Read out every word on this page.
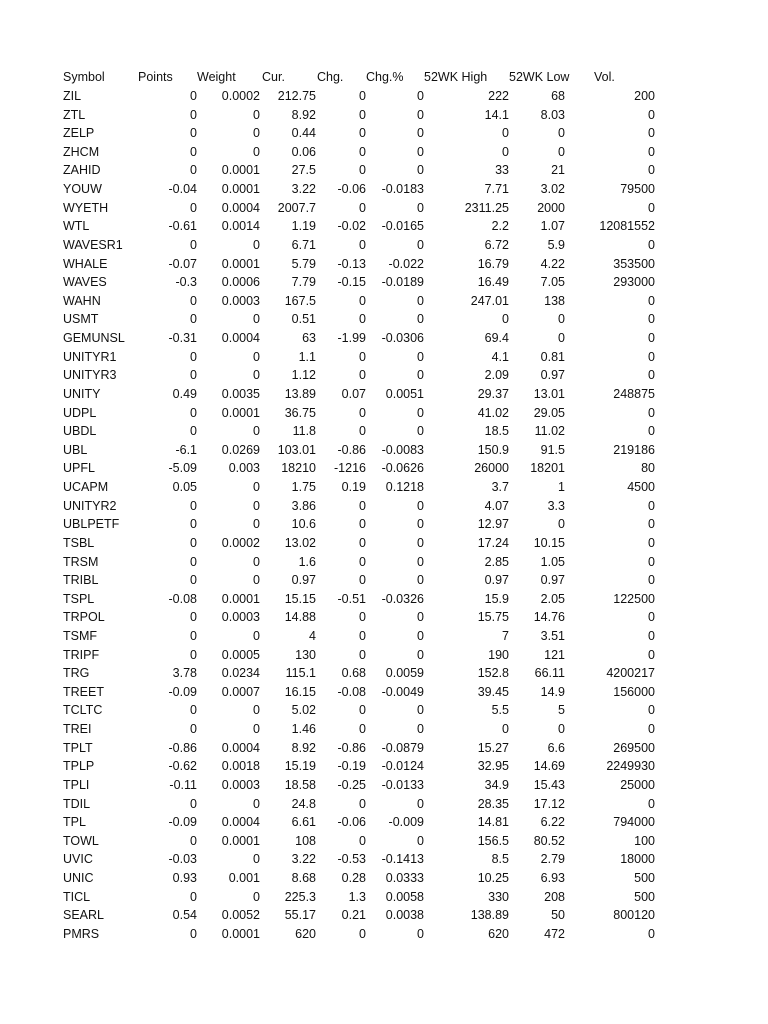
Symbol	Points Weight Cur.	Chg. Chg.% 52WK High 52WK Low Vol.
ZIL	0 0.0002 212.75	0	0	222	68	200
ZTL	0	0	8.92	0	0	14.1	8.03	0
ZELP	0	0	0.44	0	0	0	0	0
ZHCM	0	0	0.06	0	0	0	0	0
ZAHID	0 0.0001	27.5	0	0	33	21	0
YOUW	-0.04 0.0001	3.22 -0.06 -0.0183	7.71	3.02	79500
WYETH	0 0.0004 2007.7	0	0	2311.25 2000	0
WTL	-0.61 0.0014	1.19 -0.02 -0.0165	2.2	1.07	12081552
WAVESR1	0	0	6.71	0	0	6.72	5.9	0
WHALE	-0.07 0.0001	5.79 -0.13 -0.022	16.79	4.22	353500
WAVES	-0.3 0.0006	7.79 -0.15 -0.0189	16.49	7.05	293000
WAHN	0 0.0003 167.5	0	0	247.01	138	0
USMT	0	0	0.51	0	0	0	0	0
GEMUNSL	-0.31 0.0004	63 -1.99 -0.0306	69.4	0	0
UNITYR1	0	0	1.1	0	0	4.1	0.81	0
UNITYR3	0	0	1.12	0	0	2.09	0.97	0
UNITY	0.49 0.0035 13.89 0.07 0.0051	29.37 13.01	248875
UDPL	0 0.0001 36.75	0	0	41.02 29.05	0
UBDL	0	0	11.8	0	0	18.5 11.02	0
UBL	-6.1 0.0269 103.01 -0.86 -0.0083	150.9	91.5	219186
UPFL	-5.09	0.003 18210 -1216 -0.0626	26000 18201	80
UCAPM	0.05	0	1.75 0.19 0.1218	3.7	1	4500
UNITYR2	0	0	3.86	0	0	4.07	3.3	0
UBLPETF	0	0	10.6	0	0	12.97	0	0
TSBL	0 0.0002 13.02	0	0	17.24 10.15	0
TRSM	0	0	1.6	0	0	2.85	1.05	0
TRIBL	0	0	0.97	0	0	0.97	0.97	0
TSPL	-0.08 0.0001 15.15 -0.51 -0.0326	15.9	2.05	122500
TRPOL	0 0.0003 14.88	0	0	15.75 14.76	0
TSMF	0	0	4	0	0	7	3.51	0
TRIPF	0 0.0005	130	0	0	190	121	0
TRG	3.78 0.0234 115.1 0.68 0.0059	152.8 66.11	4200217
TREET	-0.09 0.0007 16.15 -0.08 -0.0049	39.45	14.9	156000
TCLTC	0	0	5.02	0	0	5.5	5	0
TREI	0	0	1.46	0	0	0	0	0
TPLT	-0.86 0.0004	8.92 -0.86 -0.0879	15.27	6.6	269500
TPLP	-0.62 0.0018 15.19 -0.19 -0.0124	32.95 14.69	2249930
TPLI	-0.11 0.0003 18.58 -0.25 -0.0133	34.9 15.43	25000
TDIL	0	0	24.8	0	0	28.35 17.12	0
TPL	-0.09 0.0004	6.61 -0.06 -0.009	14.81	6.22	794000
TOWL	0 0.0001	108	0	0	156.5 80.52	100
UVIC	-0.03	0	3.22 -0.53 -0.1413	8.5	2.79	18000
UNIC	0.93	0.001	8.68 0.28 0.0333	10.25	6.93	500
TICL	0	0 225.3	1.3 0.0058	330	208	500
SEARL	0.54 0.0052 55.17 0.21 0.0038	138.89	50	800120
PMRS	0 0.0001	620	0	0	620	472	0
